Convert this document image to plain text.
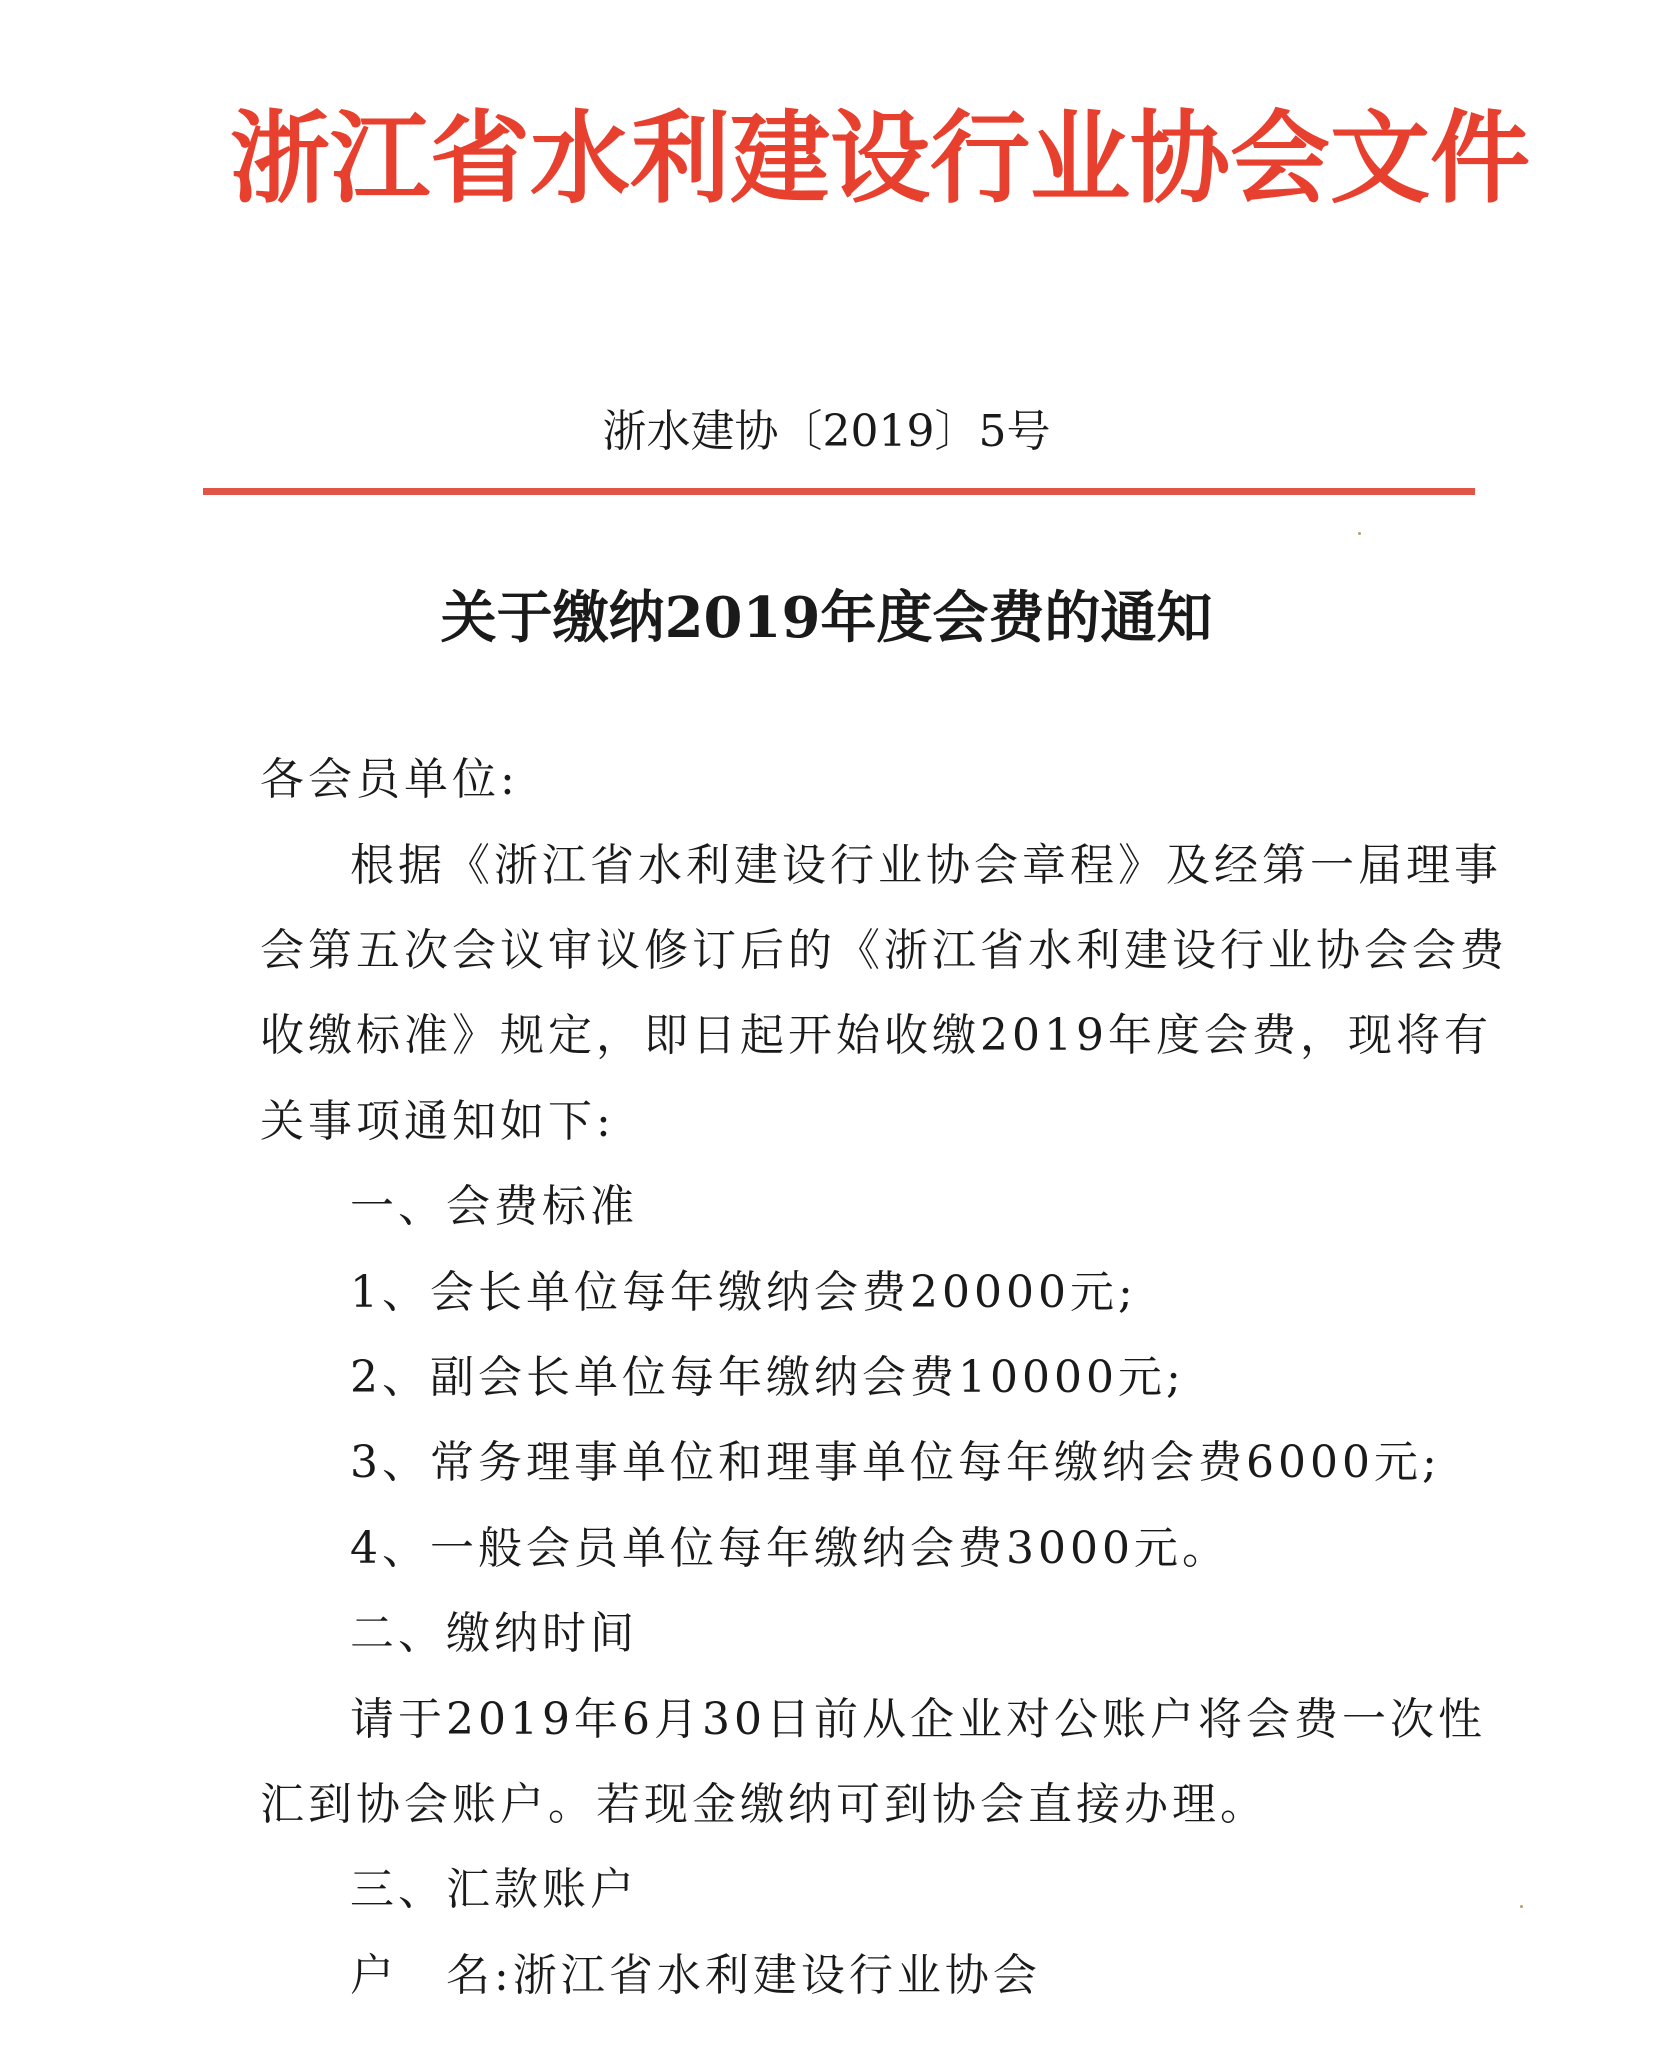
浙江省水利建设行业协会文件
浙水建协〔2019〕5号
关于缴纳2019年度会费的通知
各会员单位:
根据《浙江省水利建设行业协会章程》及经第一届理事
会第五次会议审议修订后的《浙江省水利建设行业协会会费
收缴标准》规定，即日起开始收缴2019年度会费，现将有
关事项通知如下:
一、会费标准
1、会长单位每年缴纳会费20000元;
2、副会长单位每年缴纳会费10000元;
3、常务理事单位和理事单位每年缴纳会费6000元;
4、一般会员单位每年缴纳会费3000元。
二、缴纳时间
请于2019年6月30日前从企业对公账户将会费一次性
汇到协会账户。若现金缴纳可到协会直接办理。
三、汇款账户
户　名:浙江省水利建设行业协会
